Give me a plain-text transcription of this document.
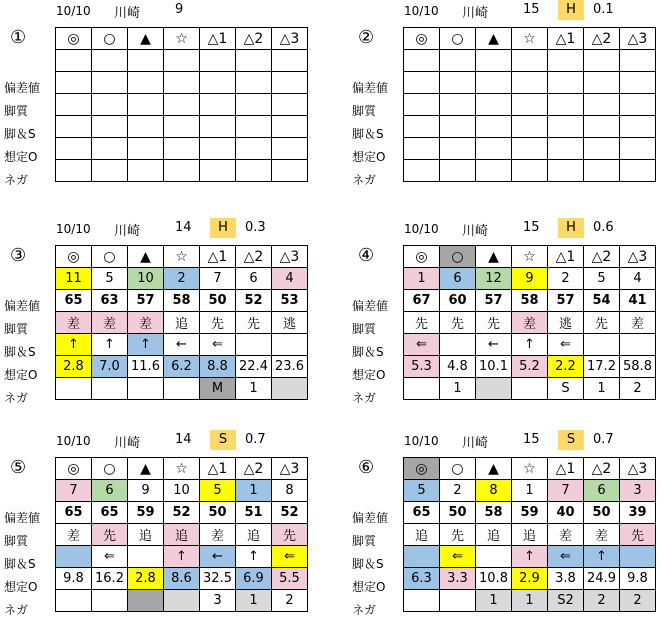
10/10 川崎	9
①
偏差値
脚質
脚＆S
想定O
ネガ
◎	○	▲	☆	△1	△2	△3

10/10 川崎	15	H	0.1
②
偏差値
脚質
脚＆S
想定O
ネガ
◎	○	▲	☆	△1	△2	△3

10/10 川崎	14	H	0.3
③
偏差値
脚質
脚＆S
想定O
ネガ
◎	○	▲	☆	△1	△2	△3
11	5	10	2	7	6	4
65	63	57	58	50	52	53
差	差	差	追	先	先	逃
↑	↑	↑	←	⇐		
2.8	7.0	11.6	6.2	8.8	22.4	23.6
				M	1	
10/10 川崎	15	H	0.6
④
偏差値
脚質
脚＆S
想定O
ネガ
◎	○	▲	☆	△1	△2	△3
1	6	12	9	2	5	4
67	60	57	58	57	54	41
先	先	先	差	逃	先	差
⇐		←	↑	⇐		
5.3	4.8	10.1	5.2	2.2	17.2	58.8
	1			S	1	2
10/10 川崎	14	S	0.7
⑤
偏差値
脚質
脚＆S
想定O
ネガ
◎	○	▲	☆	△1	△2	△3
7	6	9	10	5	1	8
65	65	59	52	50	51	52
差	先	追	追	差	追	先
	⇐		↑	←	↑	⇐
9.8	16.2	2.8	8.6	32.5	6.9	5.5
				3	1	2
10/10 川崎	15	S	0.7
⑥
偏差値
脚質
脚＆S
想定O
ネガ
◎	○	▲	☆	△1	△2	△3
5	2	8	1	7	6	3
65	50	58	59	40	50	39
追	先	追	追	差	差	先
	⇐		↑	⇐	↑	
6.3	3.3	10.8	2.9	3.8	24.9	9.8
		1	1	S2	2	2
